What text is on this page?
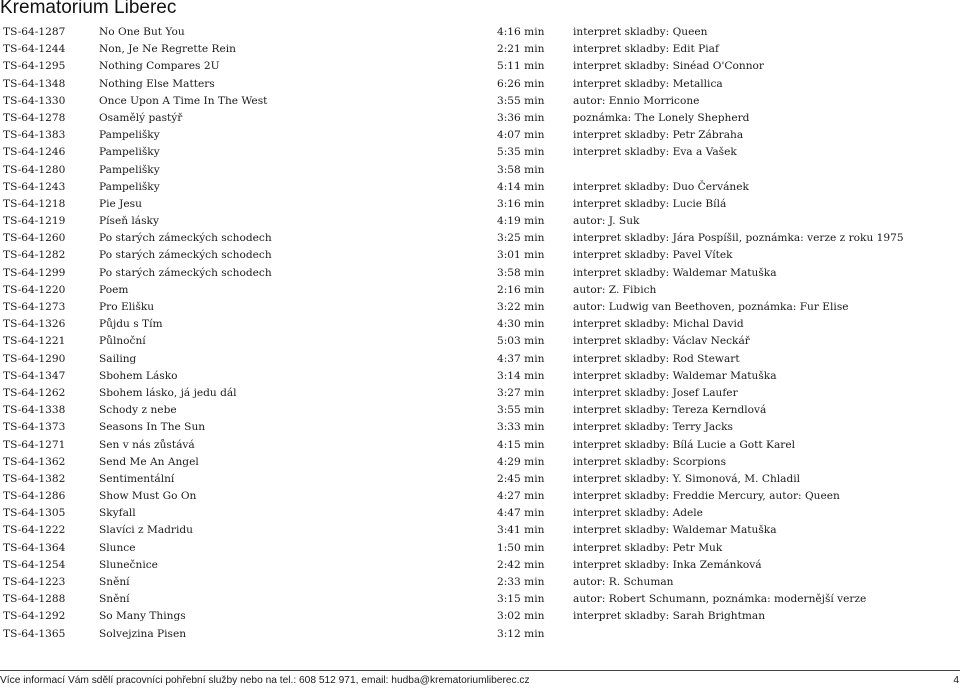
Krematorium Liberec
TS-64-1287	No One But You	4:16 min	interpret skladby: Queen
TS-64-1244	Non, Je Ne Regrette Rein	2:21 min	interpret skladby: Edit Piaf
TS-64-1295	Nothing Compares 2U	5:11 min	interpret skladby: Sinéad O'Connor
TS-64-1348	Nothing Else Matters	6:26 min	interpret skladby: Metallica
TS-64-1330	Once Upon A Time In The West	3:55 min	autor: Ennio Morricone
TS-64-1278	Osamělý pastýř	3:36 min	poznámka: The Lonely Shepherd
TS-64-1383	Pampelišky	4:07 min	interpret skladby: Petr Zábraha
TS-64-1246	Pampelišky	5:35 min	interpret skladby: Eva a Vašek
TS-64-1280	Pampelišky	3:58 min
TS-64-1243	Pampelišky	4:14 min	interpret skladby: Duo Červánek
TS-64-1218	Pie Jesu	3:16 min	interpret skladby: Lucie Bílá
TS-64-1219	Píseň lásky	4:19 min	autor: J. Suk
TS-64-1260	Po starých zámeckých schodech	3:25 min	interpret skladby: Jára Pospíšil, poznámka: verze z roku 1975
TS-64-1282	Po starých zámeckých schodech	3:01 min	interpret skladby: Pavel Vítek
TS-64-1299	Po starých zámeckých schodech	3:58 min	interpret skladby: Waldemar Matuška
TS-64-1220	Poem	2:16 min	autor: Z. Fibich
TS-64-1273	Pro Elišku	3:22 min	autor: Ludwig van Beethoven, poznámka: Fur Elise
TS-64-1326	Půjdu s Tím	4:30 min	interpret skladby: Michal David
TS-64-1221	Půlnoční	5:03 min	interpret skladby: Václav Neckář
TS-64-1290	Sailing	4:37 min	interpret skladby: Rod Stewart
TS-64-1347	Sbohem Lásko	3:14 min	interpret skladby: Waldemar Matuška
TS-64-1262	Sbohem lásko, já jedu dál	3:27 min	interpret skladby: Josef Laufer
TS-64-1338	Schody z nebe	3:55 min	interpret skladby: Tereza Kerndlová
TS-64-1373	Seasons In The Sun	3:33 min	interpret skladby: Terry Jacks
TS-64-1271	Sen v nás zůstává	4:15 min	interpret skladby: Bílá Lucie a Gott Karel
TS-64-1362	Send Me An Angel	4:29 min	interpret skladby: Scorpions
TS-64-1382	Sentimentální	2:45 min	interpret skladby: Y. Simonová, M. Chladil
TS-64-1286	Show Must Go On	4:27 min	interpret skladby: Freddie Mercury, autor: Queen
TS-64-1305	Skyfall	4:47 min	interpret skladby: Adele
TS-64-1222	Slavíci z Madridu	3:41 min	interpret skladby: Waldemar Matuška
TS-64-1364	Slunce	1:50 min	interpret skladby: Petr Muk
TS-64-1254	Slunečnice	2:42 min	interpret skladby: Inka Zemánková
TS-64-1223	Snění	2:33 min	autor: R. Schuman
TS-64-1288	Snění	3:15 min	autor: Robert Schumann, poznámka: modernější verze
TS-64-1292	So Many Things	3:02 min	interpret skladby: Sarah Brightman
TS-64-1365	Solvejzina Pisen	3:12 min
Více informací Vám sdělí pracovníci pohřební služby nebo na tel.: 608 512 971, email: hudba@krematoriumliberec.cz	4
